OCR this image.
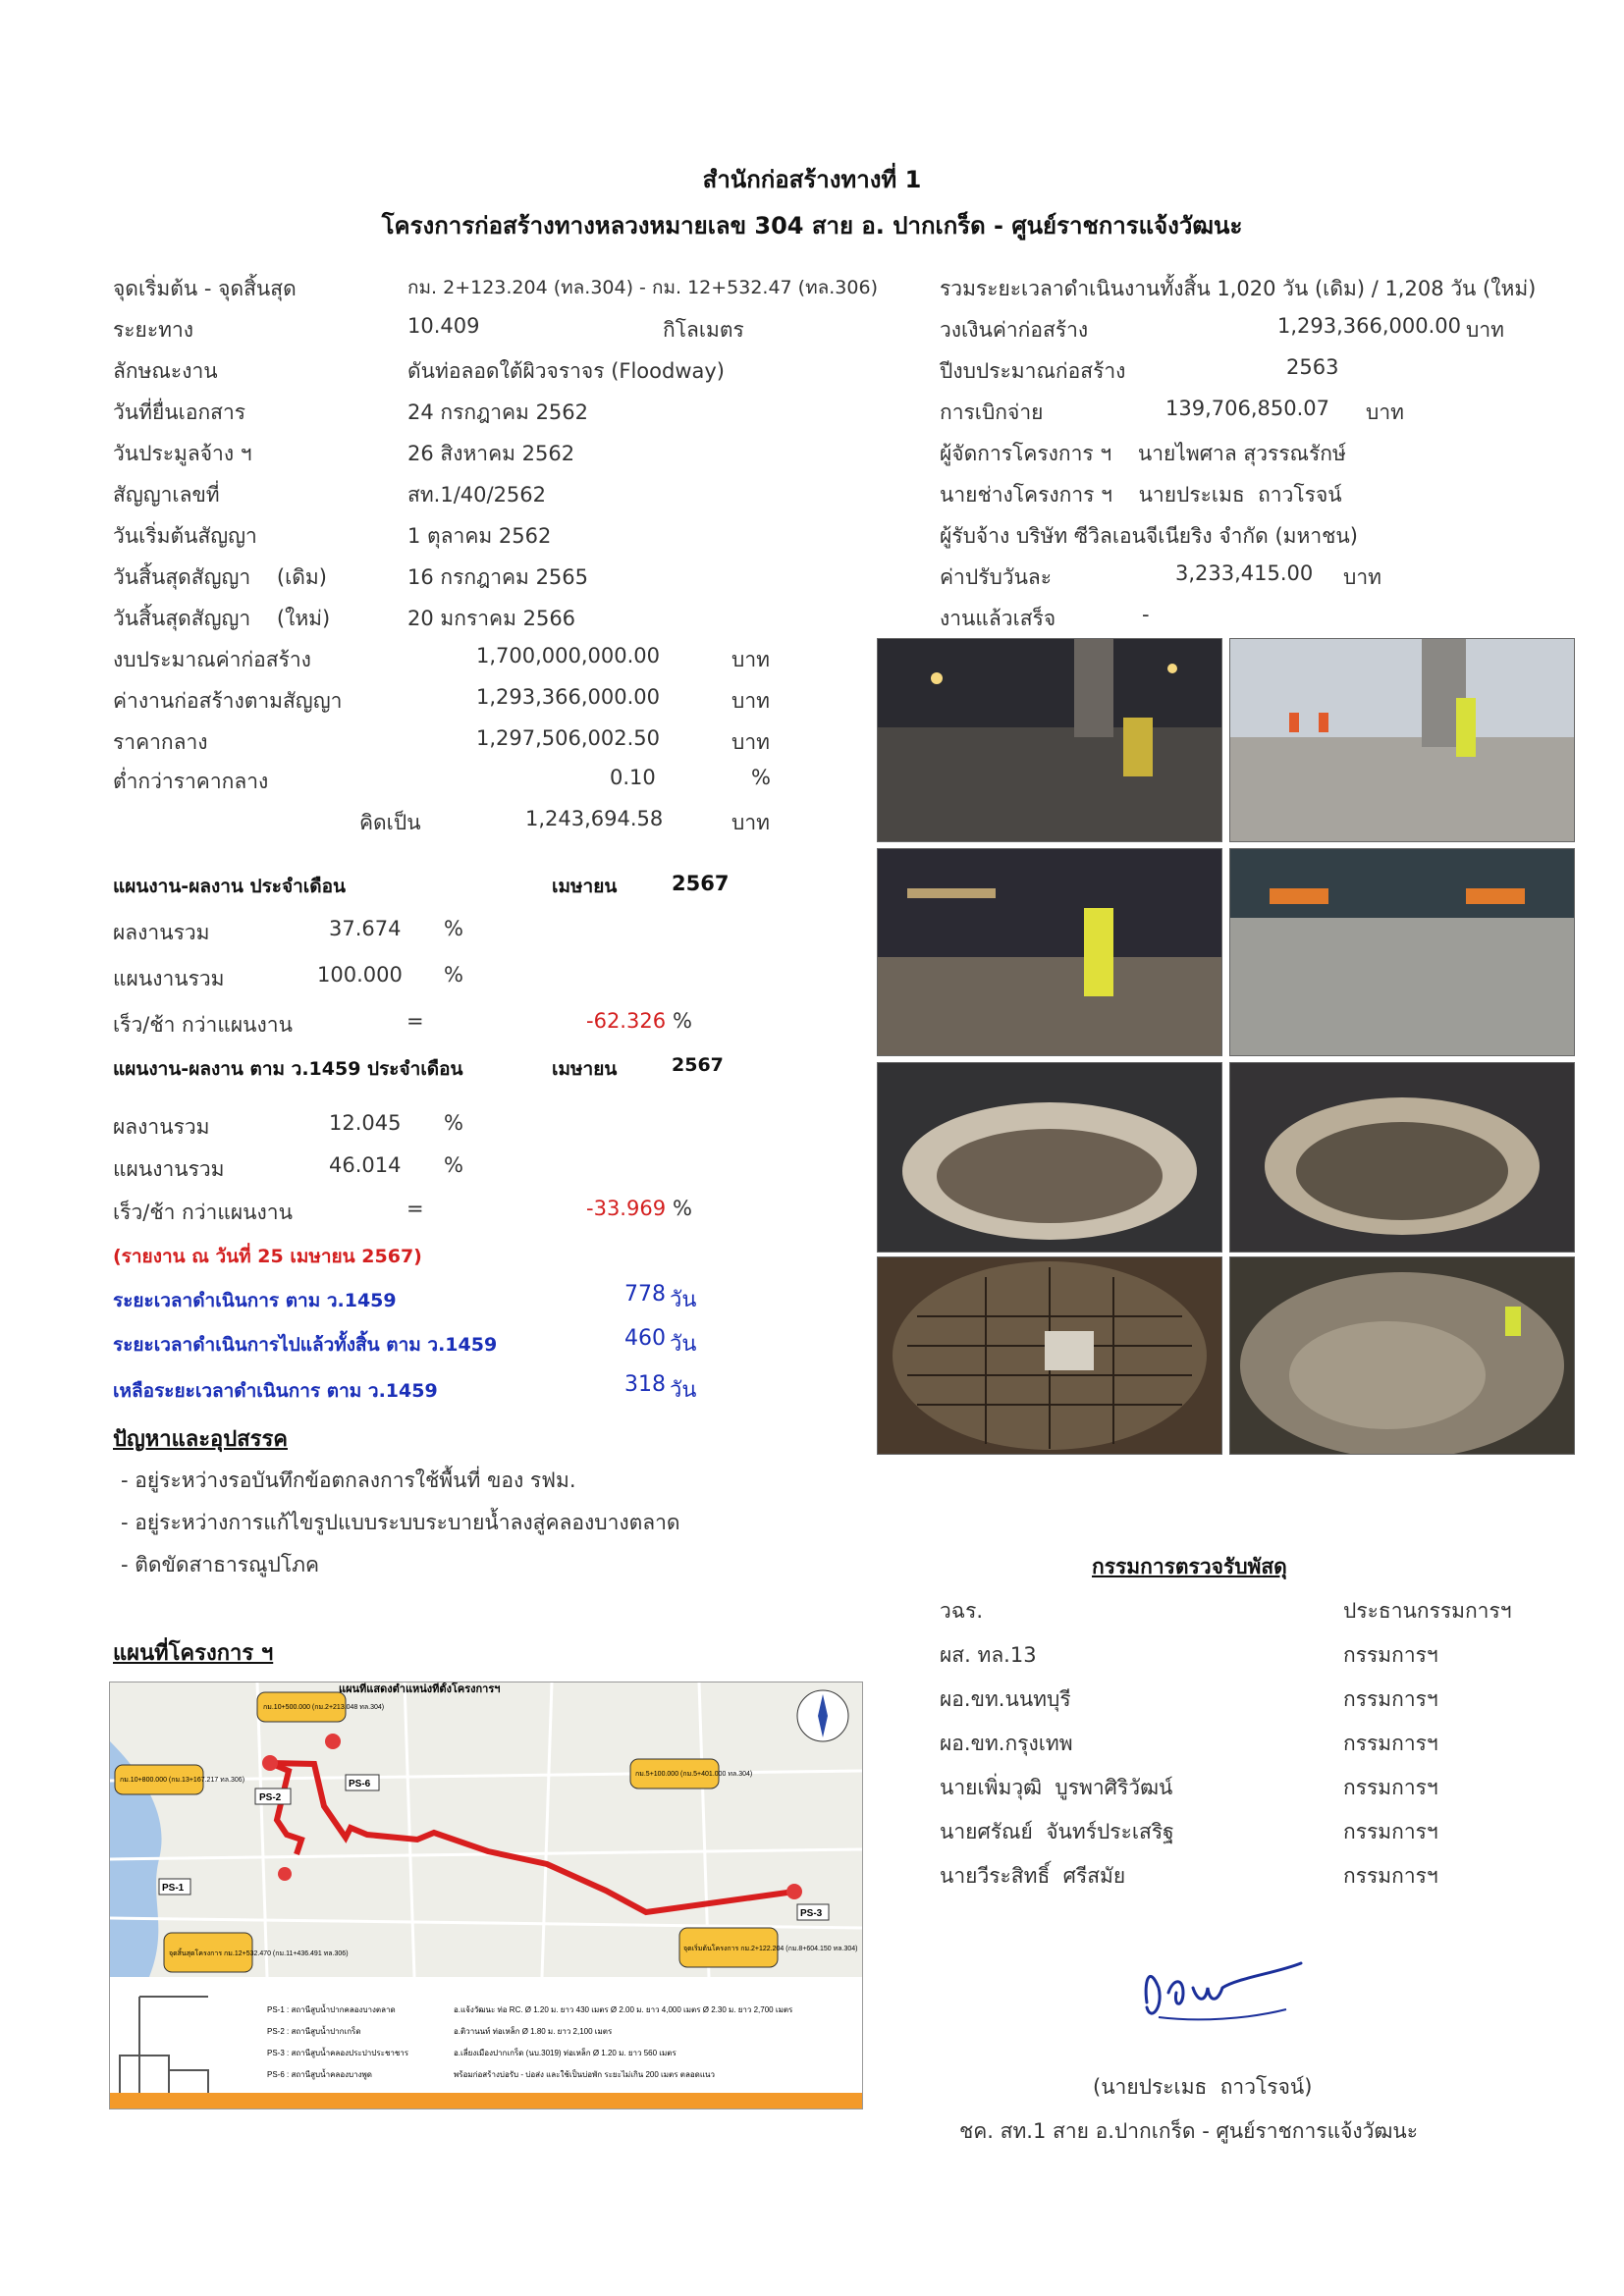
สำนักก่อสร้างทางที่ 1
โครงการก่อสร้างทางหลวงหมายเลข 304 สาย อ. ปากเกร็ด - ศูนย์ราชการแจ้งวัฒนะ
จุดเริ่มต้น - จุดสิ้นสุด	กม. 2+123.204 (ทล.304) - กม. 12+532.47 (ทล.306)
ระยะทาง	10.409	กิโลเมตร
ลักษณะงาน	ดันท่อลอดใต้ผิวจราจร (Floodway)
วันที่ยื่นเอกสาร	24 กรกฎาคม 2562
วันประมูลจ้าง ฯ	26 สิงหาคม 2562
สัญญาเลขที่	สท.1/40/2562
วันเริ่มต้นสัญญา	1 ตุลาคม 2562
วันสิ้นสุดสัญญา    (เดิม)	16 กรกฎาคม 2565
วันสิ้นสุดสัญญา    (ใหม่)	20 มกราคม 2566
งบประมาณค่าก่อสร้าง	1,700,000,000.00	บาท
ค่างานก่อสร้างตามสัญญา	1,293,366,000.00	บาท
ราคากลาง	1,297,506,002.50	บาท
ต่ำกว่าราคากลาง	0.10	%
คิดเป็น	1,243,694.58	บาท
รวมระยะเวลาดำเนินงานทั้งสิ้น 1,020 วัน (เดิม) / 1,208 วัน (ใหม่)
วงเงินค่าก่อสร้าง	1,293,366,000.00 บาท
ปีงบประมาณก่อสร้าง	2563
การเบิกจ่าย	139,706,850.07 บาท
ผู้จัดการโครงการ ฯ    นายไพศาล สุวรรณรักษ์
นายช่างโครงการ ฯ    นายประเมธ  ถาวโรจน์
ผู้รับจ้าง บริษัท ซีวิลเอนจีเนียริง จำกัด (มหาชน)
ค่าปรับวันละ	3,233,415.00 บาท
งานแล้วเสร็จ	-
แผนงาน-ผลงาน ประจำเดือน	เมษายน	2567
ผลงานรวม	37.674 %
แผนงานรวม	100.000 %
เร็ว/ช้า กว่าแผนงาน	=	-62.326 %
แผนงาน-ผลงาน ตาม ว.1459 ประจำเดือน	เมษายน	2567
ผลงานรวม	12.045 %
แผนงานรวม	46.014 %
เร็ว/ช้า กว่าแผนงาน	=	-33.969 %
(รายงาน ณ วันที่ 25 เมษายน 2567)
ระยะเวลาดำเนินการ ตาม ว.1459	778 วัน
ระยะเวลาดำเนินการไปแล้วทั้งสิ้น ตาม ว.1459	460 วัน
เหลือระยะเวลาดำเนินการ ตาม ว.1459	318 วัน
ปัญหาและอุปสรรค
- อยู่ระหว่างรอบันทึกข้อตกลงการใช้พื้นที่ ของ รฟม.
- อยู่ระหว่างการแก้ไขรูปแบบระบบระบายน้ำลงสู่คลองบางตลาด
- ติดขัดสาธารณูปโภค
แผนที่โครงการ ฯ
PS-1
PS-2
PS-3
PS-6
กม.10+500.000 (กม.2+213.048 ทล.304)
กม.10+800.000 (กม.13+167.217 ทล.306)
กม.5+100.000 (กม.5+401.000 ทล.304)
จุดสิ้นสุดโครงการ กม.12+532.470 (กม.11+436.491 ทล.306)
จุดเริ่มต้นโครงการ กม.2+122.204 (กม.8+604.150 ทล.304)
แผนที่แสดงตำแหน่งที่ตั้งโครงการฯ
PS-1 : สถานีสูบน้ำปากคลองบางตลาด
PS-2 : สถานีสูบน้ำปากเกร็ด
PS-3 : สถานีสูบน้ำคลองประปาประชาชาร
PS-6 : สถานีสูบน้ำคลองบางพูด
อ.แจ้งวัฒนะ ท่อ RC. Ø 1.20 ม. ยาว 430 เมตร Ø 2.00 ม. ยาว 4,000 เมตร Ø 2.30 ม. ยาว 2,700 เมตร
อ.ติวานนท์ ท่อเหล็ก Ø 1.80 ม. ยาว 2,100 เมตร
อ.เลี่ยงเมืองปากเกร็ด (นบ.3019) ท่อเหล็ก Ø 1.20 ม. ยาว 560 เมตร
พร้อมก่อสร้างบ่อรับ - บ่อส่ง และใช้เป็นบ่อพัก ระยะไม่เกิน 200 เมตร ตลอดแนว
กรรมการตรวจรับพัสดุ
วฉร.	ประธานกรรมการฯ
ผส. ทล.13	กรรมการฯ
ผอ.ขท.นนทบุรี	กรรมการฯ
ผอ.ขท.กรุงเทพ	กรรมการฯ
นายเพิ่มวุฒิ  บูรพาศิริวัฒน์	กรรมการฯ
นายศรัณย์  จันทร์ประเสริฐ	กรรมการฯ
นายวีระสิทธิ์  ศรีสมัย	กรรมการฯ
(นายประเมธ  ถาวโรจน์)
ชค. สท.1 สาย อ.ปากเกร็ด - ศูนย์ราชการแจ้งวัฒนะ
